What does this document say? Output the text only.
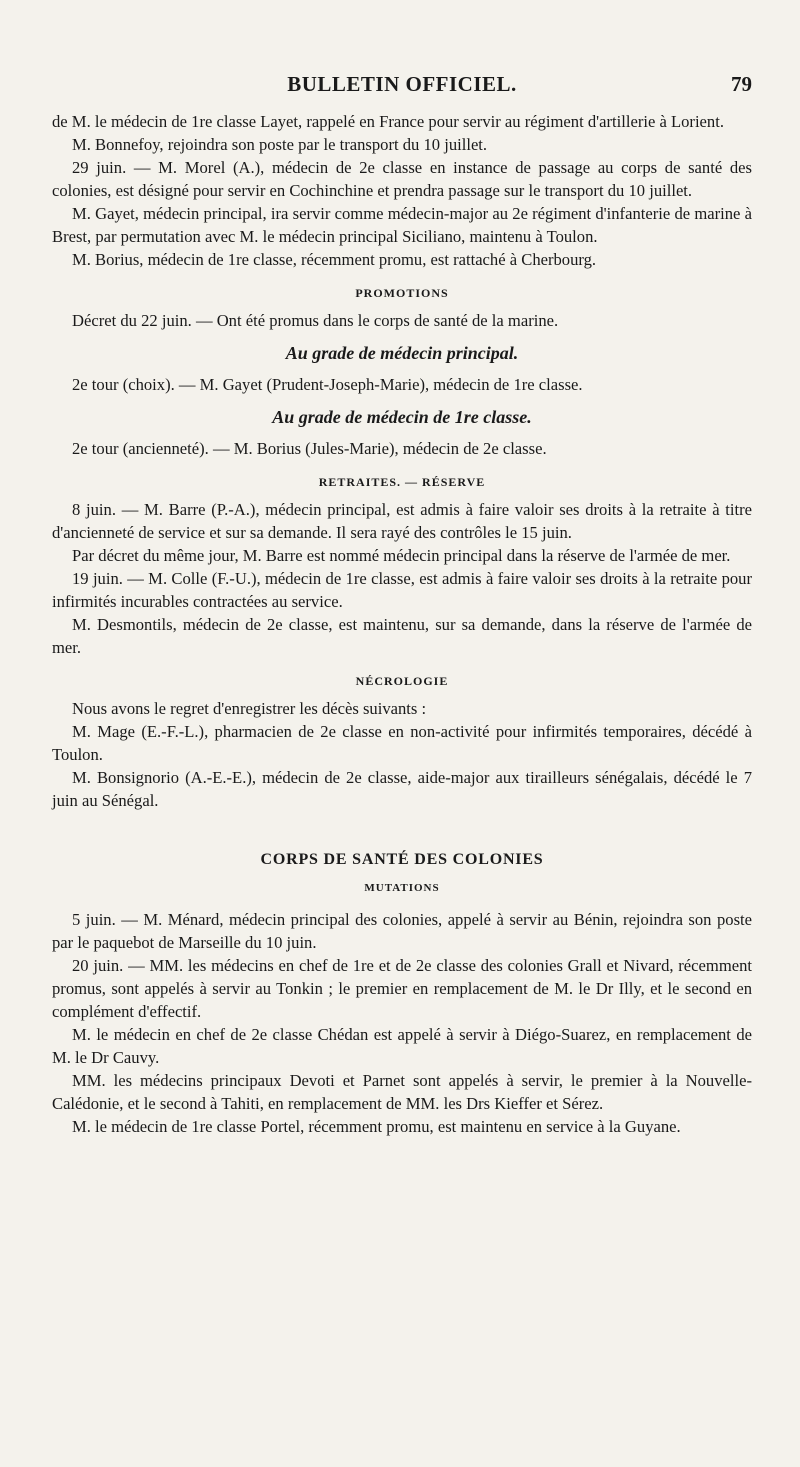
BULLETIN OFFICIEL.	79

de M. le médecin de 1re classe Layet, rappelé en France pour servir au régiment d'artillerie à Lorient.

M. Bonnefoy, rejoindra son poste par le transport du 10 juillet.

29 juin. — M. Morel (A.), médecin de 2e classe en instance de passage au corps de santé des colonies, est désigné pour servir en Cochinchine et prendra passage sur le transport du 10 juillet.

M. Gayet, médecin principal, ira servir comme médecin-major au 2e régiment d'infanterie de marine à Brest, par permutation avec M. le médecin principal Siciliano, maintenu à Toulon.

M. Borius, médecin de 1re classe, récemment promu, est rattaché à Cherbourg.

PROMOTIONS

Décret du 22 juin. — Ont été promus dans le corps de santé de la marine.

Au grade de médecin principal.

2e tour (choix). — M. Gayet (Prudent-Joseph-Marie), médecin de 1re classe.

Au grade de médecin de 1re classe.

2e tour (ancienneté). — M. Borius (Jules-Marie), médecin de 2e classe.

RETRAITES. — RÉSERVE

8 juin. — M. Barre (P.-A.), médecin principal, est admis à faire valoir ses droits à la retraite à titre d'ancienneté de service et sur sa demande. Il sera rayé des contrôles le 15 juin.

Par décret du même jour, M. Barre est nommé médecin principal dans la réserve de l'armée de mer.

19 juin. — M. Colle (F.-U.), médecin de 1re classe, est admis à faire valoir ses droits à la retraite pour infirmités incurables contractées au service.

M. Desmontils, médecin de 2e classe, est maintenu, sur sa demande, dans la réserve de l'armée de mer.

NÉCROLOGIE

Nous avons le regret d'enregistrer les décès suivants :

M. Mage (E.-F.-L.), pharmacien de 2e classe en non-activité pour infirmités temporaires, décédé à Toulon.

M. Bonsignorio (A.-E.-E.), médecin de 2e classe, aide-major aux tirailleurs sénégalais, décédé le 7 juin au Sénégal.

CORPS DE SANTÉ DES COLONIES
MUTATIONS

5 juin. — M. Ménard, médecin principal des colonies, appelé à servir au Bénin, rejoindra son poste par le paquebot de Marseille du 10 juin.

20 juin. — MM. les médecins en chef de 1re et de 2e classe des colonies Grall et Nivard, récemment promus, sont appelés à servir au Tonkin ; le premier en remplacement de M. le Dr Illy, et le second en complément d'effectif.

M. le médecin en chef de 2e classe Chédan est appelé à servir à Diégo-Suarez, en remplacement de M. le Dr Cauvy.

MM. les médecins principaux Devoti et Parnet sont appelés à servir, le premier à la Nouvelle-Calédonie, et le second à Tahiti, en remplacement de MM. les Drs Kieffer et Sérez.

M. le médecin de 1re classe Portel, récemment promu, est maintenu en service à la Guyane.
